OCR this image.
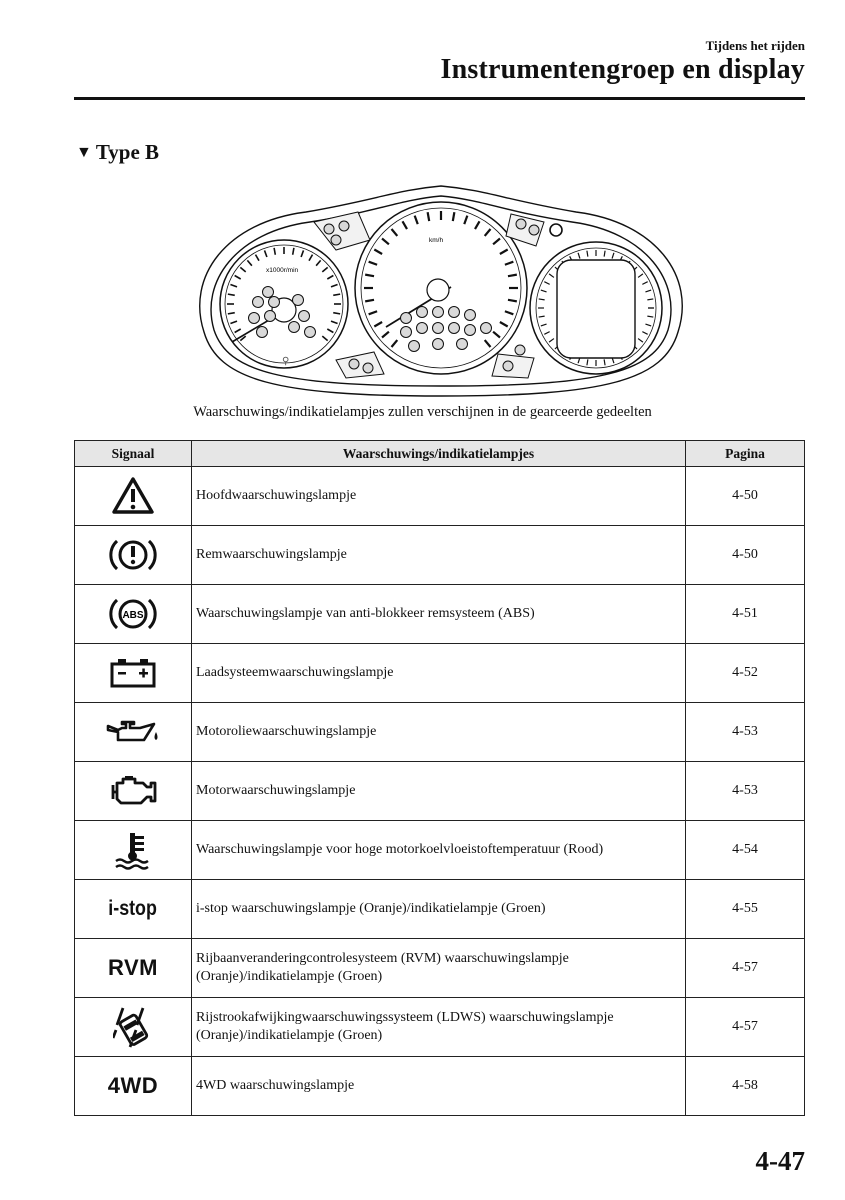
Tijdens het rijden
Instrumentengroep en display
▼ Type B
x1000r/min
km/h
⚲
Waarschuwings/indikatielampjes zullen verschijnen in de gearceerde gedeelten
Signaal	Waarschuwings/indikatielampjes	Pagina
	Hoofdwaarschuwingslampje	4-50
	Remwaarschuwingslampje	4-50

ABS	Waarschuwingslampje van anti-blokkeer remsysteem (ABS)	4-51
	Laadsysteemwaarschuwingslampje	4-52
	Motoroliewaarschuwingslampje	4-53
	Motorwaarschuwingslampje	4-53
	Waarschuwingslampje voor hoge motorkoelvloeistoftemperatuur (Rood)	4-54
i-stop	i-stop waarschuwingslampje (Oranje)/indikatielampje (Groen)	4-55
RVM	Rijbaanveranderingcontrolesysteem (RVM) waarschuwingslampje
(Oranje)/indikatielampje (Groen)	4-57

Rijstrookafwijkingwaarschuwingssysteem (LDWS) waarschuwingslampje
(Oranje)/indikatielampje (Groen)	4-57
4WD	4WD waarschuwingslampje	4-58
4-47
